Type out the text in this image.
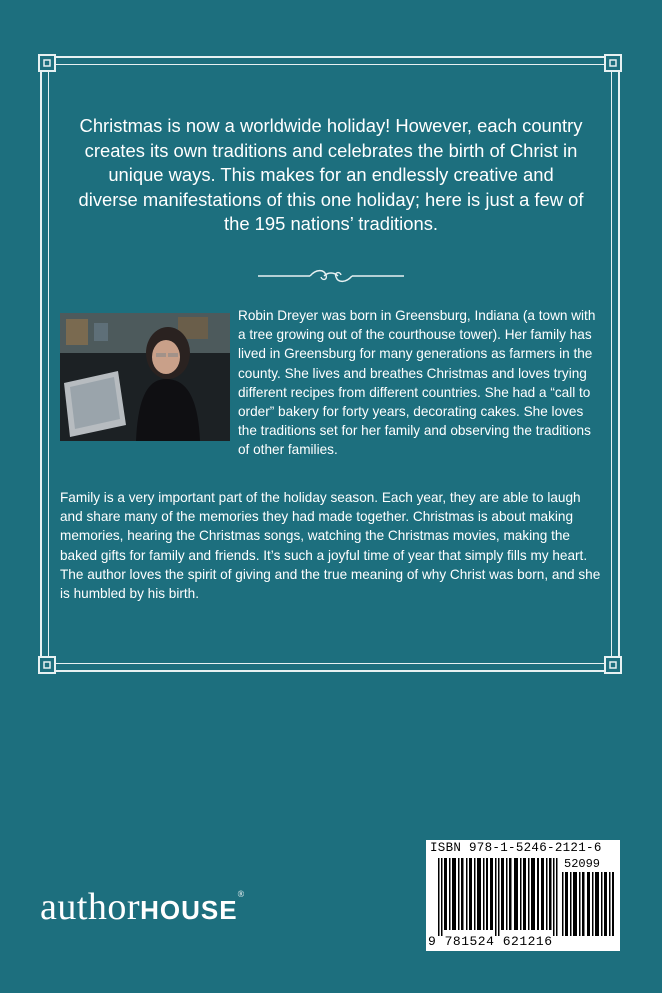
Christmas is now a worldwide holiday! However, each country creates its own traditions and celebrates the birth of Christ in unique ways. This makes for an endlessly creative and diverse manifestations of this one holiday; here is just a few of the 195 nations’ traditions.

Robin Dreyer was born in Greensburg, Indiana (a town with a tree growing out of the courthouse tower). Her family has lived in Greensburg for many generations as farmers in the county. She lives and breathes Christmas and loves trying different recipes from different countries. She had a “call to order” bakery for forty years, decorating cakes. She loves the traditions set for her family and observing the traditions of other families.

Family is a very important part of the holiday season. Each year, they are able to laugh and share many of the memories they had made together. Christmas is about making memories, hearing the Christmas songs, watching the Christmas movies, making the baked gifts for family and friends. It’s such a joyful time of year that simply fills my heart. The author loves the spirit of giving and the true meaning of why Christ was born, and she is humbled by his birth.

authorHOUSE®
ISBN 978-1-5246-2121-6
52099
9 781524 621216
